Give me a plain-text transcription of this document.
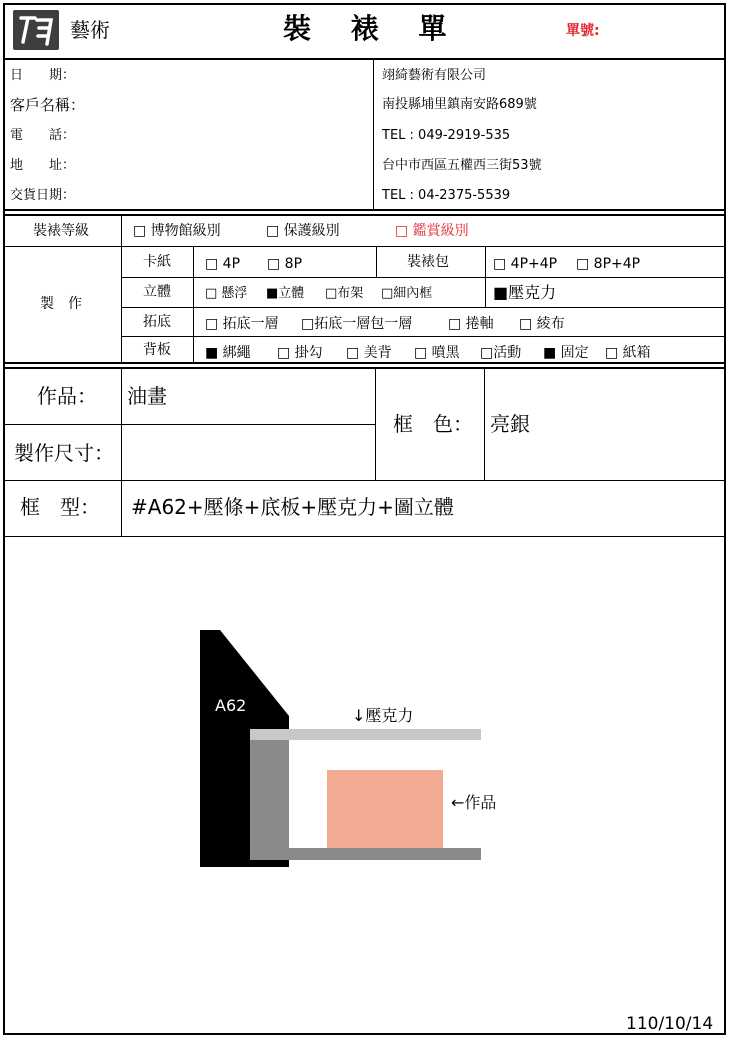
藝術	裝 裱 單	單號:
日　　期：
客戶名稱：
電　　話：
地　　址：
交貨日期：
翊綺藝術有限公司
南投縣埔里鎮南安路689號
TEL : 049-2919-535
台中市西區五權西三街53號
TEL : 04-2375-5539
裝裱等級	□ 博物館級別	□ 保護級別	□ 鑑賞級別
製　作
卡紙 □ 4P □ 8P	裝裱包	□ 4P+4P □ 8P+4P
立體	□ 懸浮 ■立體 □布架 □細內框	■壓克力
拓底 □ 拓底一層 □拓底一層包一層	□ 捲軸 □ 綾布
背板 ■ 綁繩 □ 掛勾 □ 美背 □ 噴黑 □活動 ■ 固定 □ 紙箱
作品： 油畫
製作尺寸：
框　色： 亮銀
框　型： #A62+壓條+底板+壓克力+圖立體
A62
↓壓克力
←作品
110/10/14
